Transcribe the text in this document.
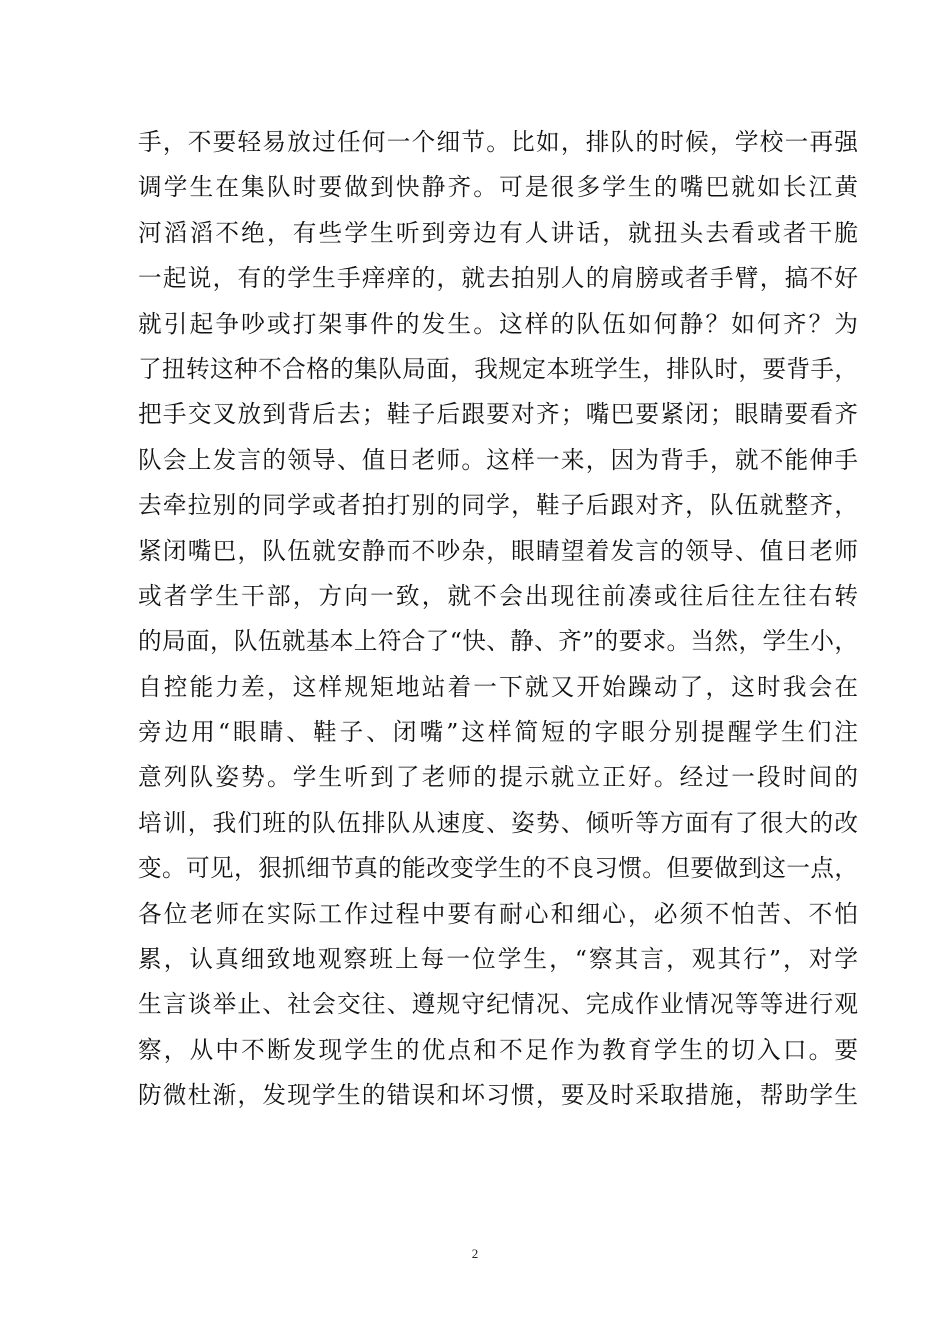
手，不要轻易放过任何一个细节。比如，排队的时候，学校一再强
调学生在集队时要做到快静齐。可是很多学生的嘴巴就如长江黄
河滔滔不绝，有些学生听到旁边有人讲话，就扭头去看或者干脆
一起说，有的学生手痒痒的，就去拍别人的肩膀或者手臂，搞不好
就引起争吵或打架事件的发生。这样的队伍如何静？如何齐？为
了扭转这种不合格的集队局面，我规定本班学生，排队时，要背手，
把手交叉放到背后去；鞋子后跟要对齐；嘴巴要紧闭；眼睛要看齐
队会上发言的领导、值日老师。这样一来，因为背手，就不能伸手
去牵拉别的同学或者拍打别的同学，鞋子后跟对齐，队伍就整齐，
紧闭嘴巴，队伍就安静而不吵杂，眼睛望着发言的领导、值日老师
或者学生干部，方向一致，就不会出现往前凑或往后往左往右转
的局面，队伍就基本上符合了“快、静、齐”的要求。当然，学生小，
自控能力差，这样规矩地站着一下就又开始躁动了，这时我会在
旁边用“眼睛、鞋子、闭嘴”这样简短的字眼分别提醒学生们注
意列队姿势。学生听到了老师的提示就立正好。经过一段时间的
培训，我们班的队伍排队从速度、姿势、倾听等方面有了很大的改
变。可见，狠抓细节真的能改变学生的不良习惯。但要做到这一点，
各位老师在实际工作过程中要有耐心和细心，必须不怕苦、不怕
累，认真细致地观察班上每一位学生，“察其言，观其行”，对学
生言谈举止、社会交往、遵规守纪情况、完成作业情况等等进行观
察，从中不断发现学生的优点和不足作为教育学生的切入口。要
防微杜渐，发现学生的错误和坏习惯，要及时采取措施，帮助学生
2
